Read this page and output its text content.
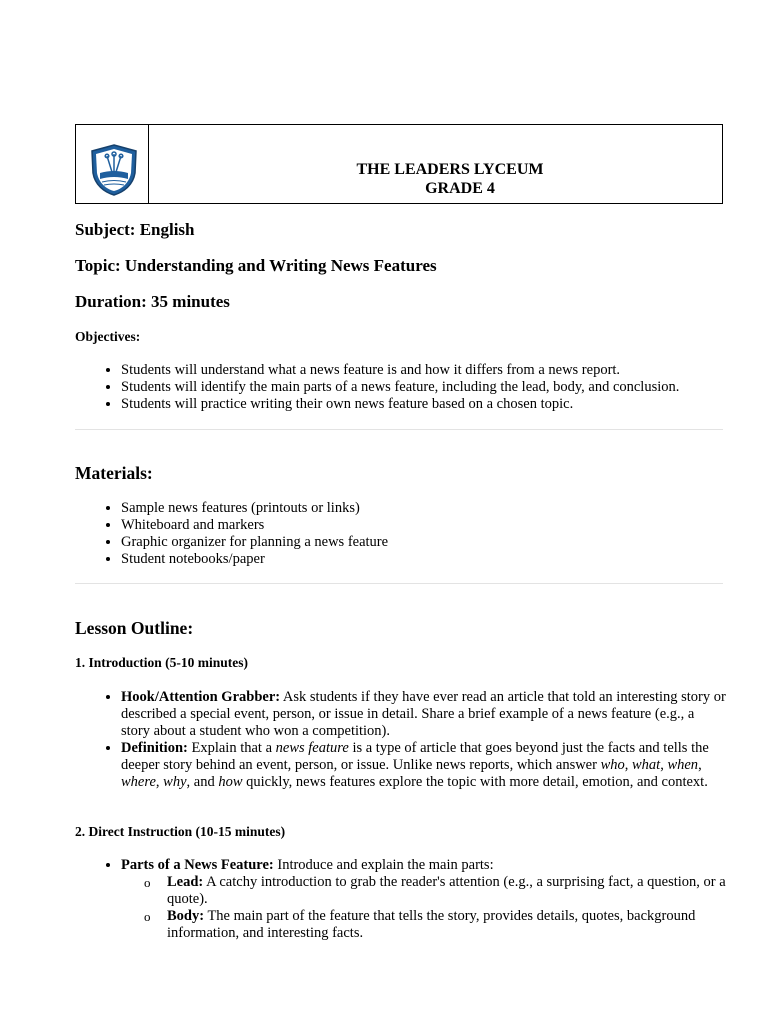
THE LEADERS LYCEUM
GRADE 4

Subject: English

Topic: Understanding and Writing News Features

Duration: 35 minutes

Objectives:

• Students will understand what a news feature is and how it differs from a news report.
• Students will identify the main parts of a news feature, including the lead, body, and conclusion.
• Students will practice writing their own news feature based on a chosen topic.

Materials:

• Sample news features (printouts or links)
• Whiteboard and markers
• Graphic organizer for planning a news feature
• Student notebooks/paper

Lesson Outline:

1. Introduction (5-10 minutes)

• Hook/Attention Grabber: Ask students if they have ever read an article that told an interesting story or described a special event, person, or issue in detail. Share a brief example of a news feature (e.g., a story about a student who won a competition).
• Definition: Explain that a news feature is a type of article that goes beyond just the facts and tells the deeper story behind an event, person, or issue. Unlike news reports, which answer who, what, when, where, why, and how quickly, news features explore the topic with more detail, emotion, and context.

2. Direct Instruction (10-15 minutes)

• Parts of a News Feature: Introduce and explain the main parts:
o Lead: A catchy introduction to grab the reader's attention (e.g., a surprising fact, a question, or a quote).
o Body: The main part of the feature that tells the story, provides details, quotes, background information, and interesting facts.
